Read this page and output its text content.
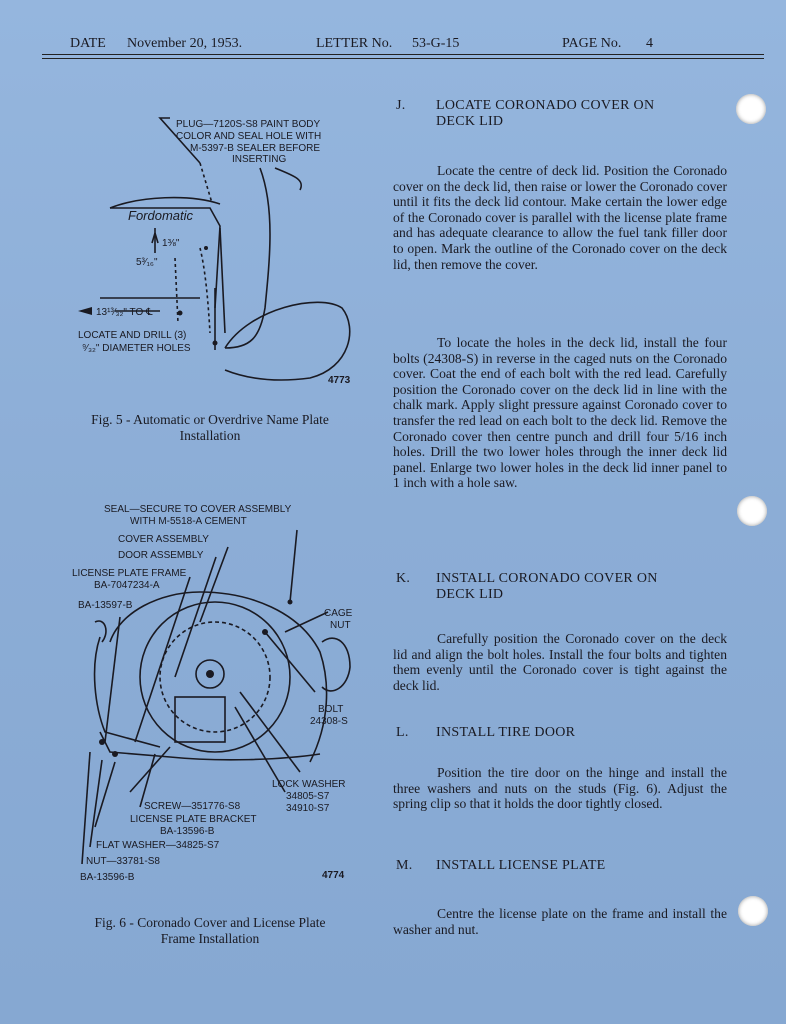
DATE November 20, 1953.	LETTER No. 53-G-15	PAGE No. 4
Fordomatic
PLUG—7120S-S8 PAINT BODY
COLOR AND SEAL HOLE WITH
M-5397-B SEALER BEFORE
INSERTING
1⅜"
5³⁄₁₆"
13¹³⁄₃₂" TO ℄
LOCATE AND DRILL (3)
⁹⁄₃₂" DIAMETER HOLES
4773
Fig. 5 - Automatic or Overdrive Name Plate
Installation
SEAL—SECURE TO COVER ASSEMBLY
WITH M-5518-A CEMENT
COVER ASSEMBLY
DOOR ASSEMBLY
LICENSE PLATE FRAME
BA-7047234-A
BA-13597-B
CAGE
NUT
BOLT
24308-S
LOCK WASHER
34805-S7
34910-S7
SCREW—351776-S8
LICENSE PLATE BRACKET
BA-13596-B
FLAT WASHER—34825-S7
NUT—33781-S8
BA-13596-B	4774
Fig. 6 - Coronado Cover and License Plate
Frame Installation
J. LOCATE CORONADO COVER ON
DECK LID

Locate the centre of deck lid. Position the Coronado cover on the deck lid, then raise or lower the Coronado cover until it fits the deck lid contour. Make certain the lower edge of the Coronado cover is parallel with the license plate frame and has adequate clearance to allow the fuel tank filler door to open. Mark the outline of the Coronado cover on the deck lid, then remove the cover.

To locate the holes in the deck lid, install the four bolts (24308-S) in reverse in the caged nuts on the Coronado cover. Coat the end of each bolt with the red lead. Carefully position the Coronado cover on the deck lid in line with the chalk mark. Apply slight pressure against Coronado cover to transfer the red lead on each bolt to the deck lid. Remove the Coronado cover then centre punch and drill four 5/16 inch holes. Drill the two lower holes through the inner deck lid panel. Enlarge two lower holes in the deck lid inner panel to 1 inch with a hole saw.

K. INSTALL CORONADO COVER ON
DECK LID

Carefully position the Coronado cover on the deck lid and align the bolt holes. Install the four bolts and tighten them evenly until the Coronado cover is tight against the deck lid.

L. INSTALL TIRE DOOR

Position the tire door on the hinge and install the three washers and nuts on the studs (Fig. 6). Adjust the spring clip so that it holds the door tightly closed.

M. INSTALL LICENSE PLATE

Centre the license plate on the frame and install the washer and nut.
